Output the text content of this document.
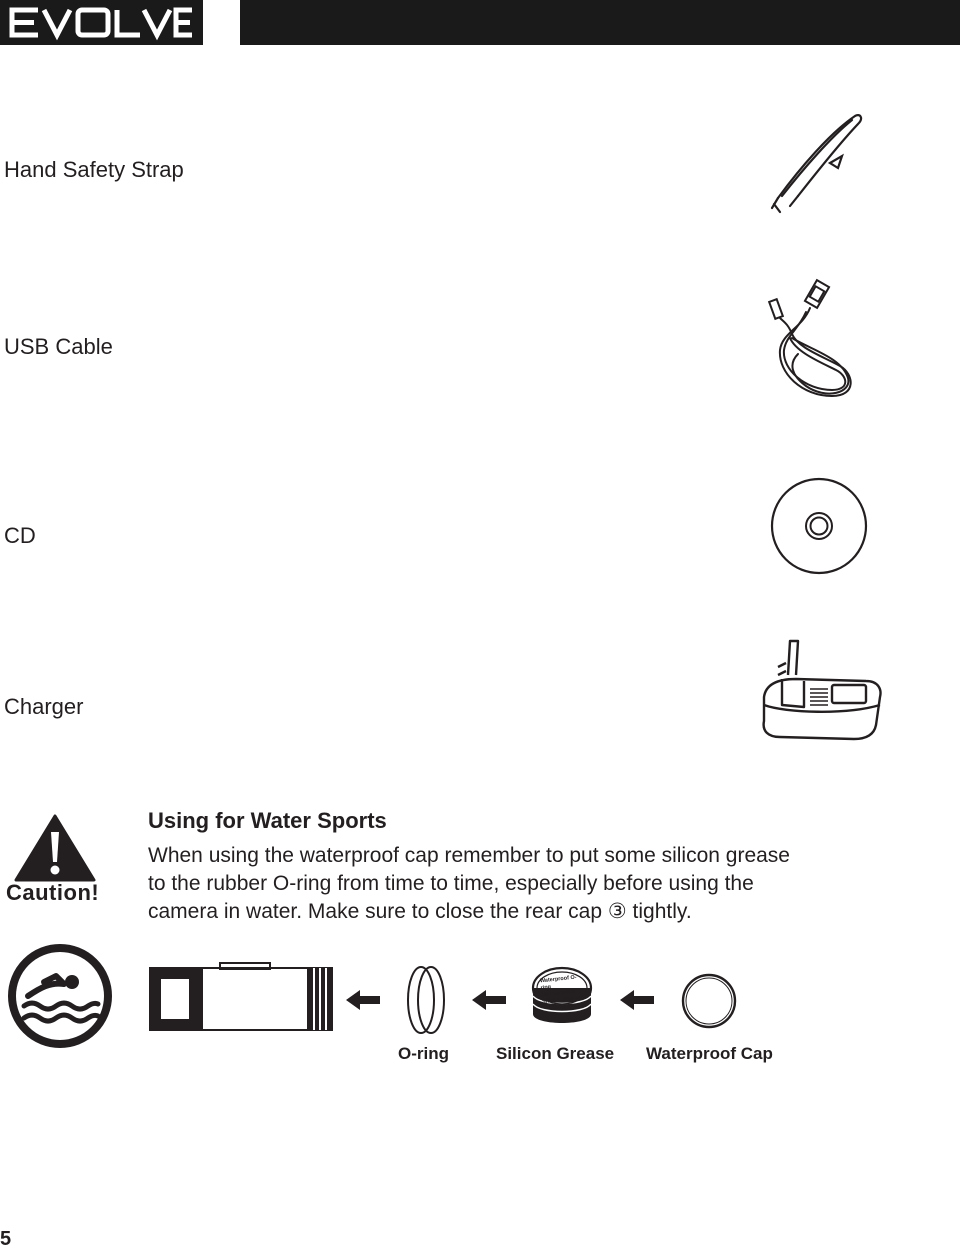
Hand Safety Strap
USB Cable
CD
Charger
Caution!
Using for Water Sports
When using the waterproof cap remember to put some silicon grease
to the rubber O-ring from time to time, especially before using the
camera in water. Make sure to close the rear cap ③ tightly.
Waterproof O-ring Maintenance Silicon Grease
O-ring	Silicon Grease Waterproof Cap
5
